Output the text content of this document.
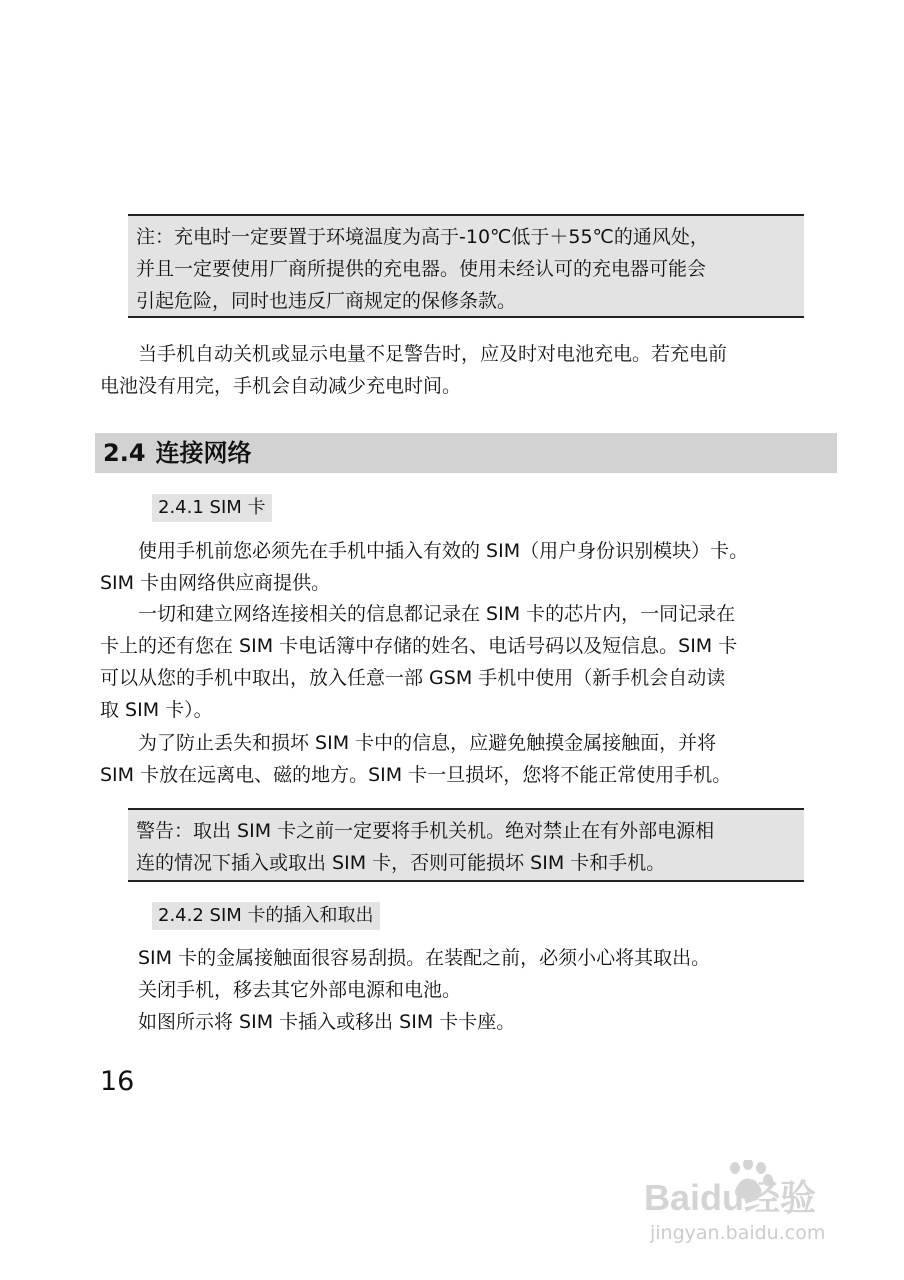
注：充电时一定要置于环境温度为高于-10℃低于＋55℃的通风处，
并且一定要使用厂商所提供的充电器。使用未经认可的充电器可能会
引起危险，同时也违反厂商规定的保修条款。
　　当手机自动关机或显示电量不足警告时，应及时对电池充电。若充电前
电池没有用完，手机会自动减少充电时间。
2.4 连接网络
2.4.1 SIM 卡
　　使用手机前您必须先在手机中插入有效的 SIM（用户身份识别模块）卡。
SIM 卡由网络供应商提供。
　　一切和建立网络连接相关的信息都记录在 SIM 卡的芯片内，一同记录在
卡上的还有您在 SIM 卡电话簿中存储的姓名、电话号码以及短信息。SIM 卡
可以从您的手机中取出，放入任意一部 GSM 手机中使用（新手机会自动读
取 SIM 卡）。
　　为了防止丢失和损坏 SIM 卡中的信息，应避免触摸金属接触面，并将
SIM 卡放在远离电、磁的地方。SIM 卡一旦损坏，您将不能正常使用手机。
警告：取出 SIM 卡之前一定要将手机关机。绝对禁止在有外部电源相
连的情况下插入或取出 SIM 卡，否则可能损坏 SIM 卡和手机。
2.4.2 SIM 卡的插入和取出
　　SIM 卡的金属接触面很容易刮损。在装配之前，必须小心将其取出。
　　关闭手机，移去其它外部电源和电池。
　　如图所示将 SIM 卡插入或移出 SIM 卡卡座。
16
Baidu经验
jingyan.baidu.com
